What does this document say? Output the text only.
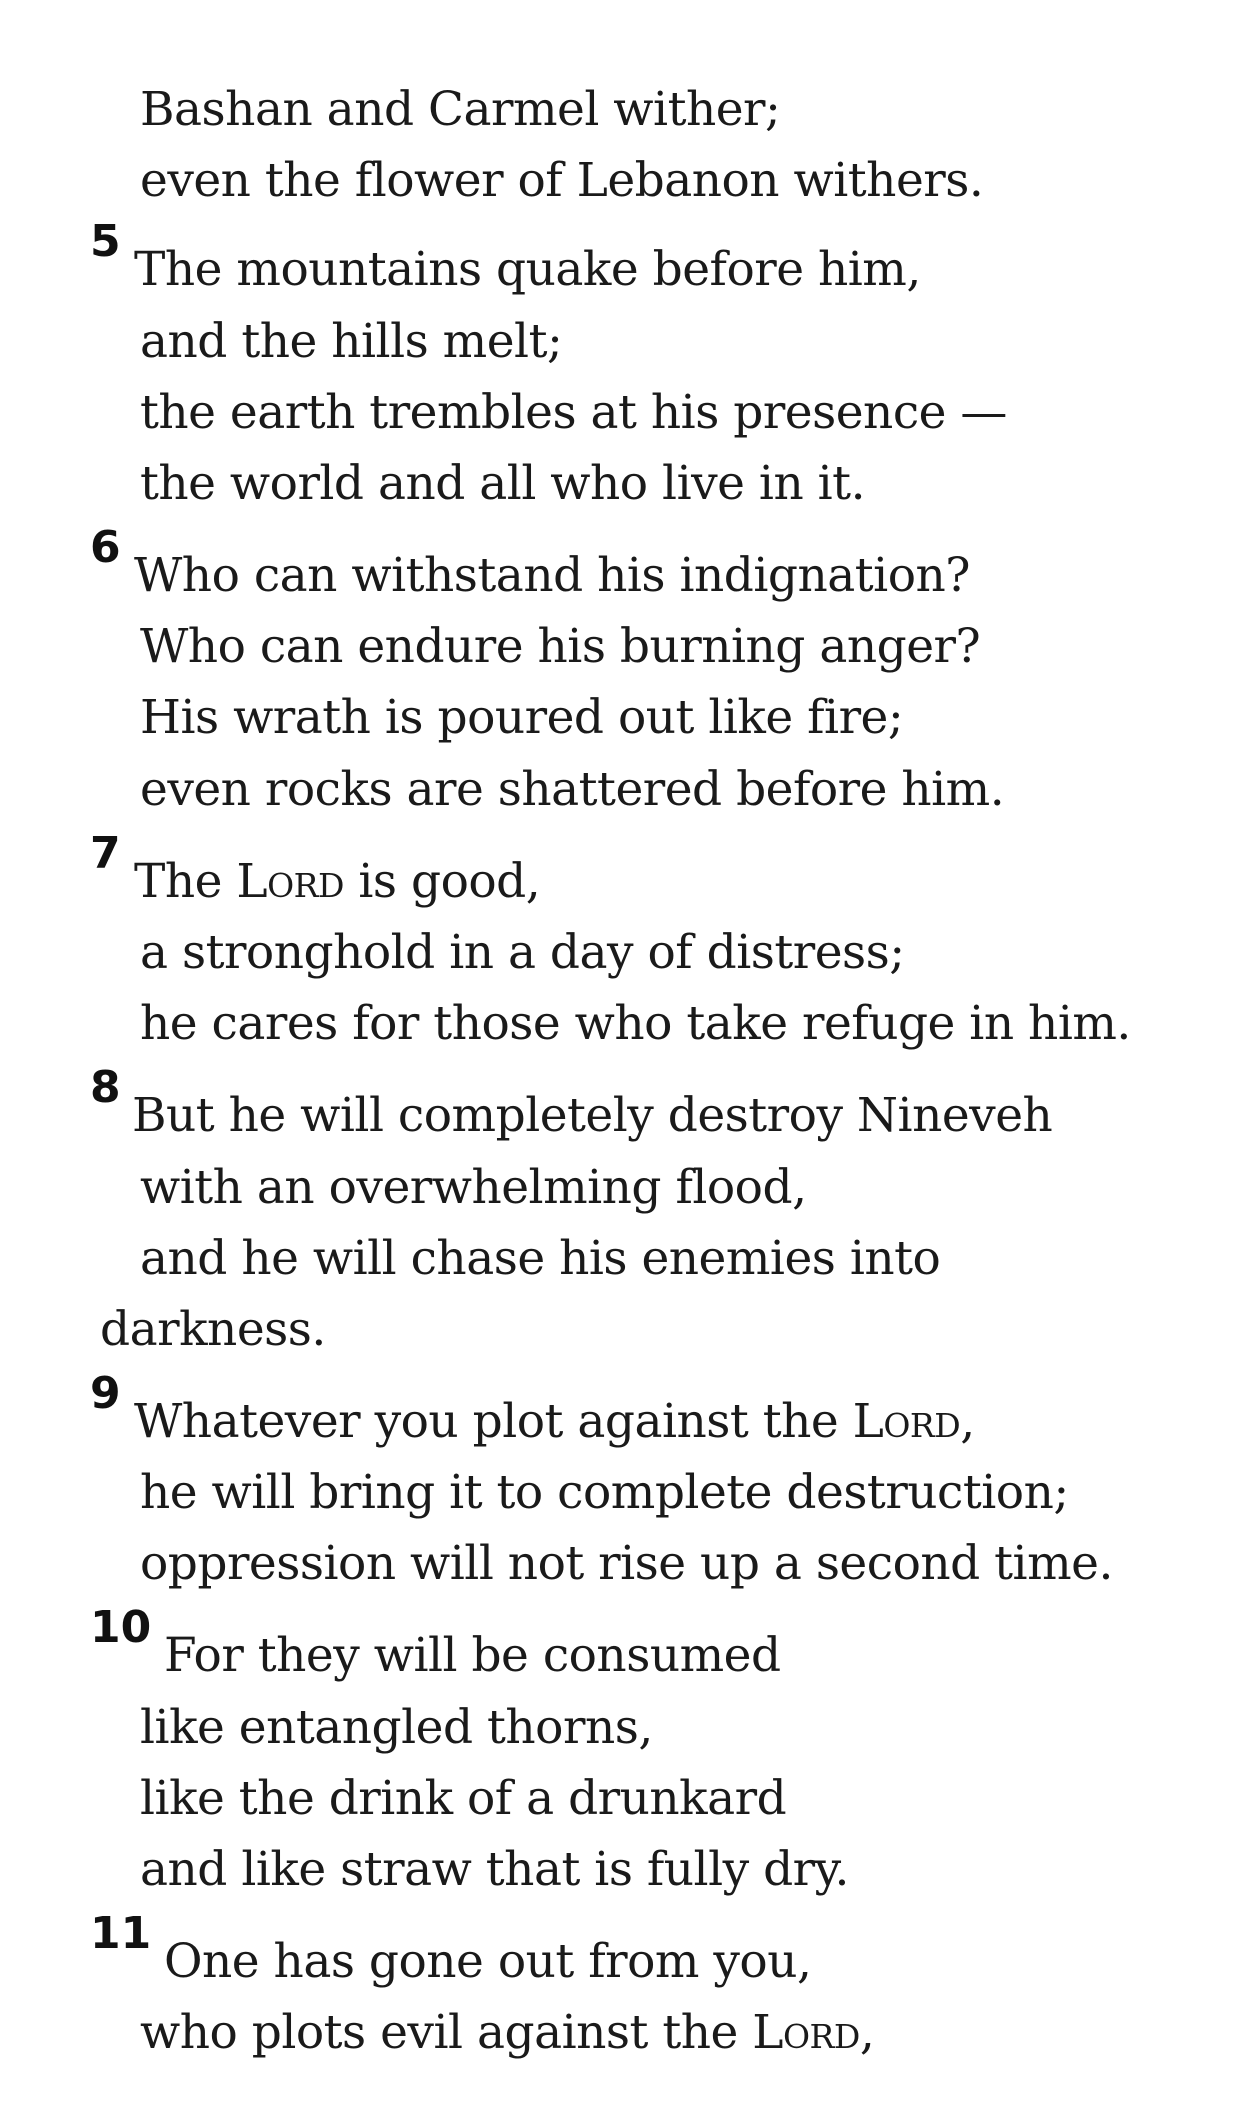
Bashan and Carmel wither;
even the flower of Lebanon withers.
5
The mountains quake before him,
and the hills melt;
the earth trembles at his presence —
the world and all who live in it.
6
Who can withstand his indignation?
Who can endure his burning anger?
His wrath is poured out like fire;
even rocks are shattered before him.
7
The Lord is good,
a stronghold in a day of distress;
he cares for those who take refuge in him.
8
But he will completely destroy Nineveh
with an overwhelming flood,
and he will chase his enemies into
darkness.
9
Whatever you plot against the Lord,
he will bring it to complete destruction;
oppression will not rise up a second time.
10
For they will be consumed
like entangled thorns,
like the drink of a drunkard
and like straw that is fully dry.
11
One has gone out from you,
who plots evil against the Lord,
